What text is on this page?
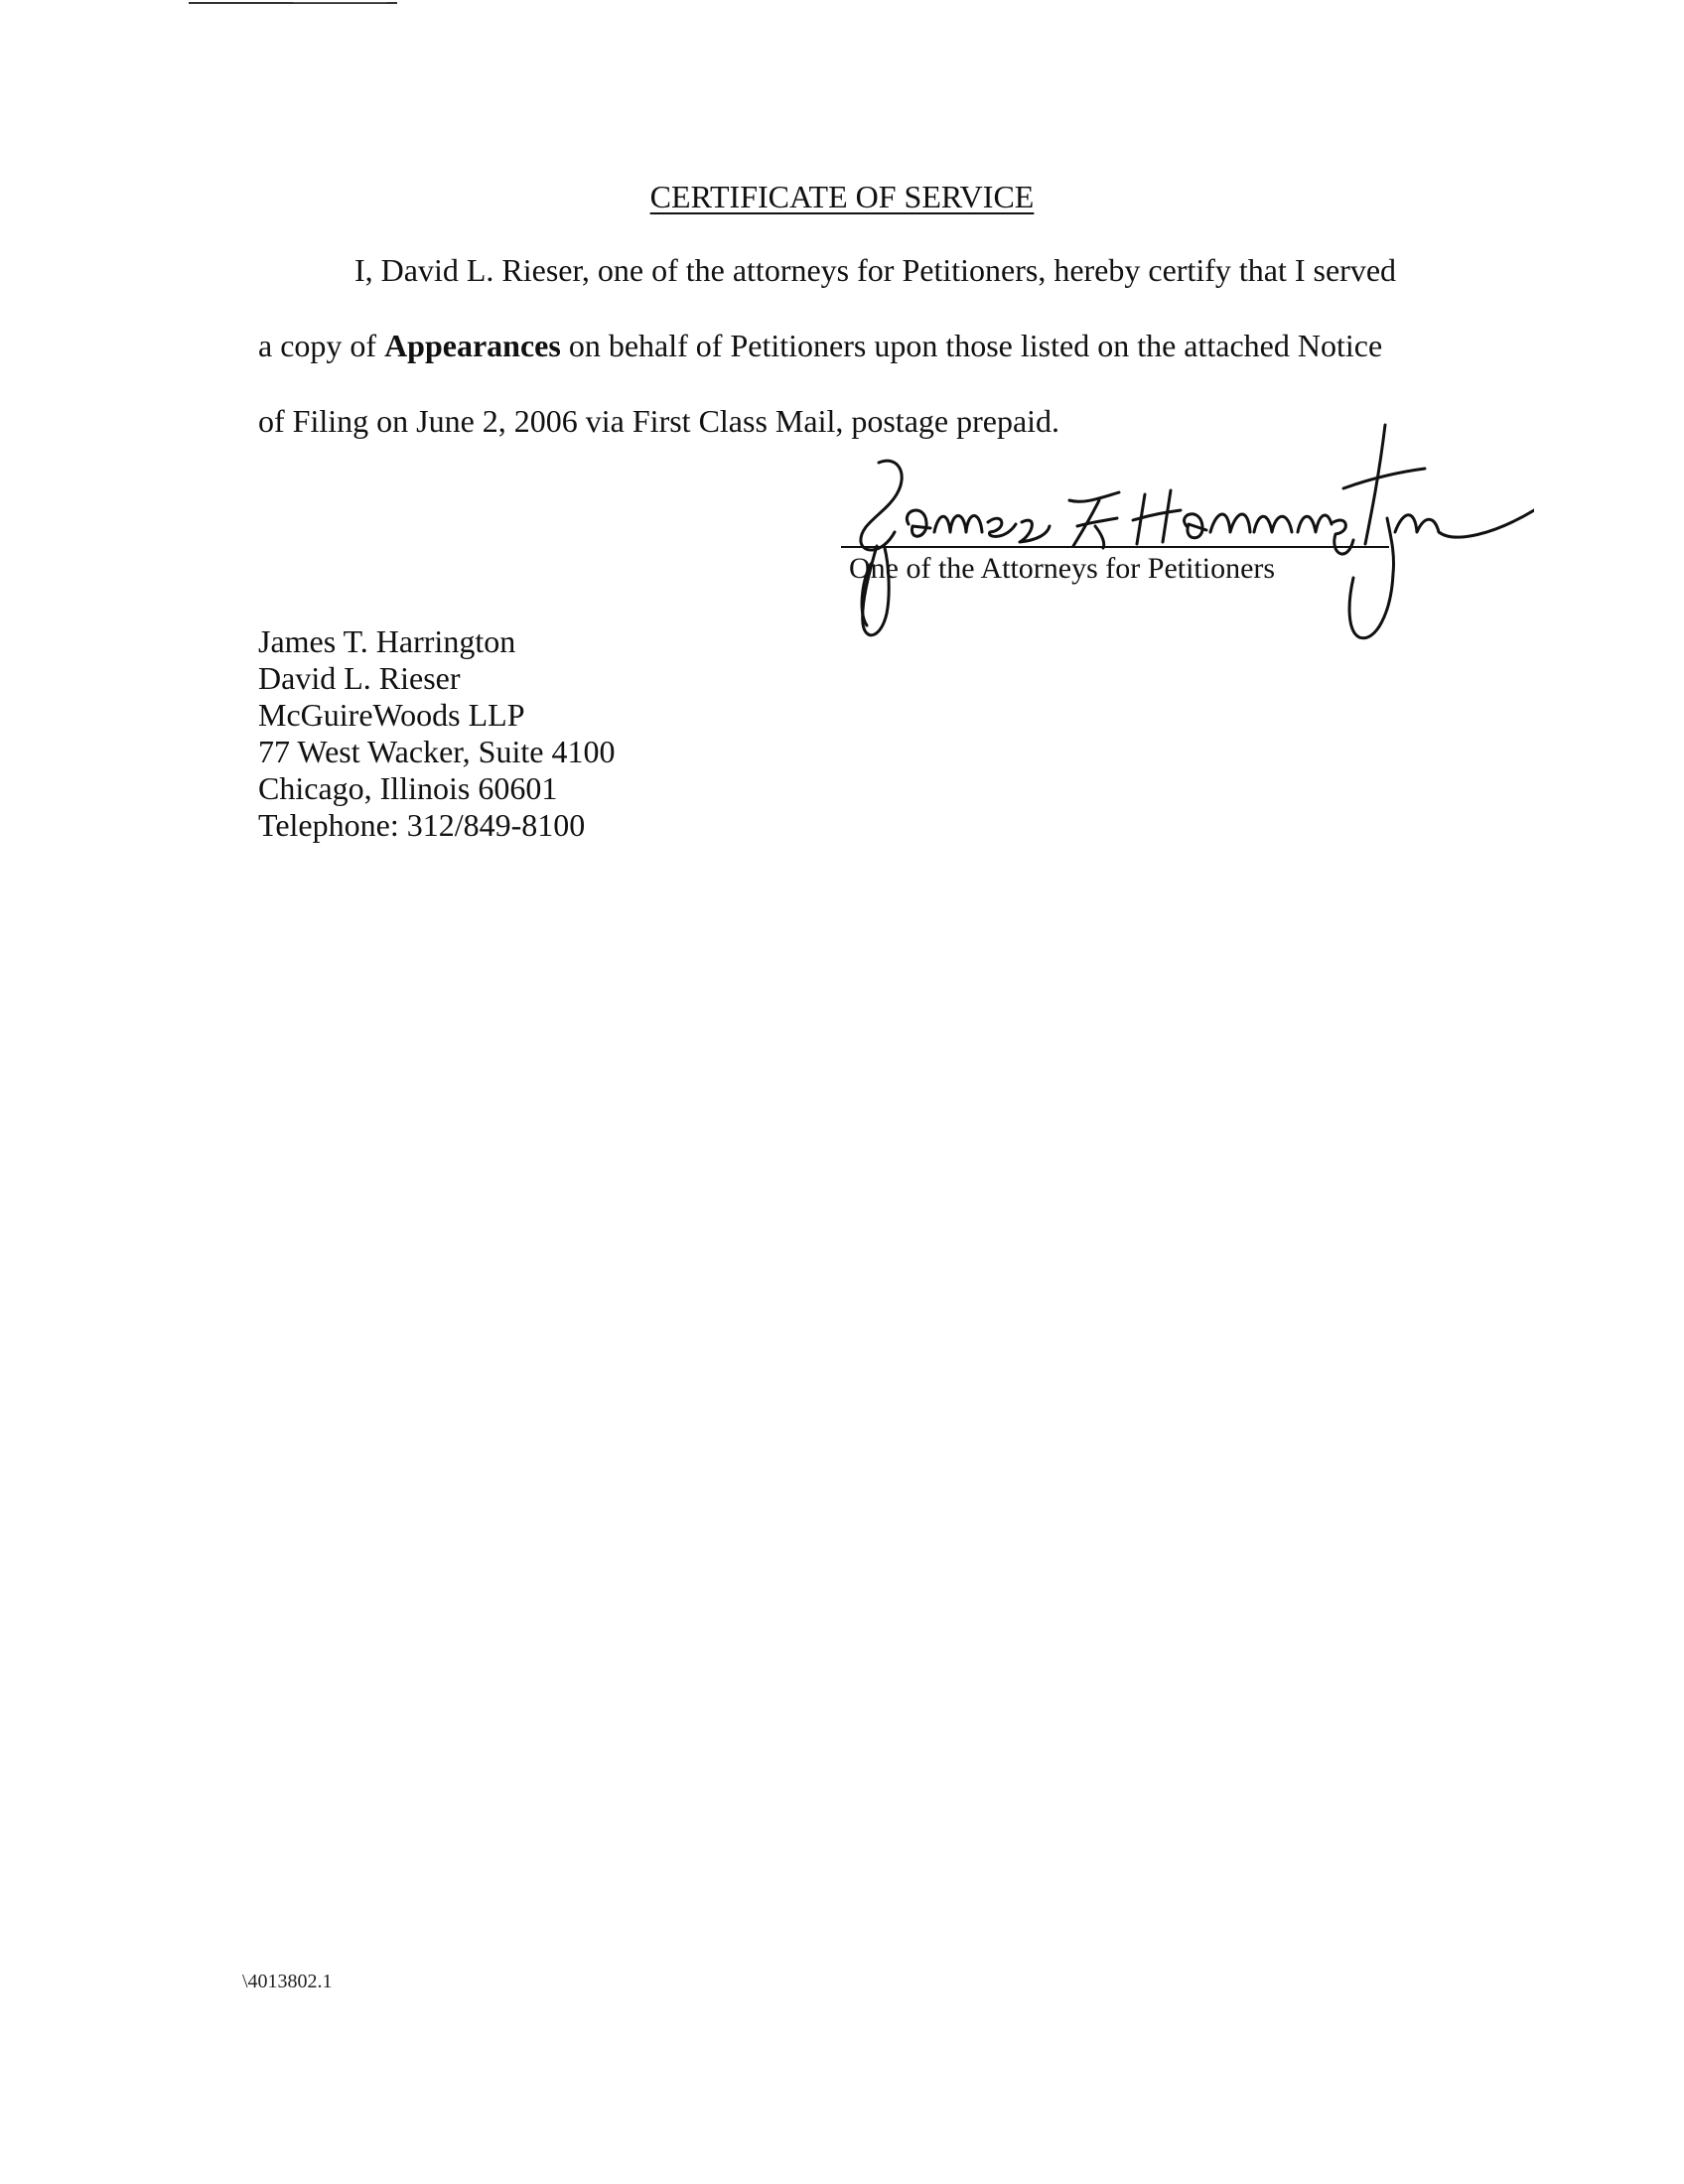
CERTIFICATE OF SERVICE
I, David L. Rieser, one of the attorneys for Petitioners, hereby certify that I served
a copy of Appearances on behalf of Petitioners upon those listed on the attached Notice
of Filing on June 2, 2006 via First Class Mail, postage prepaid.
One of the Attorneys for Petitioners
James T. Harrington
David L. Rieser
McGuireWoods LLP
77 West Wacker, Suite 4100
Chicago, Illinois 60601
Telephone: 312/849-8100
\4013802.1
